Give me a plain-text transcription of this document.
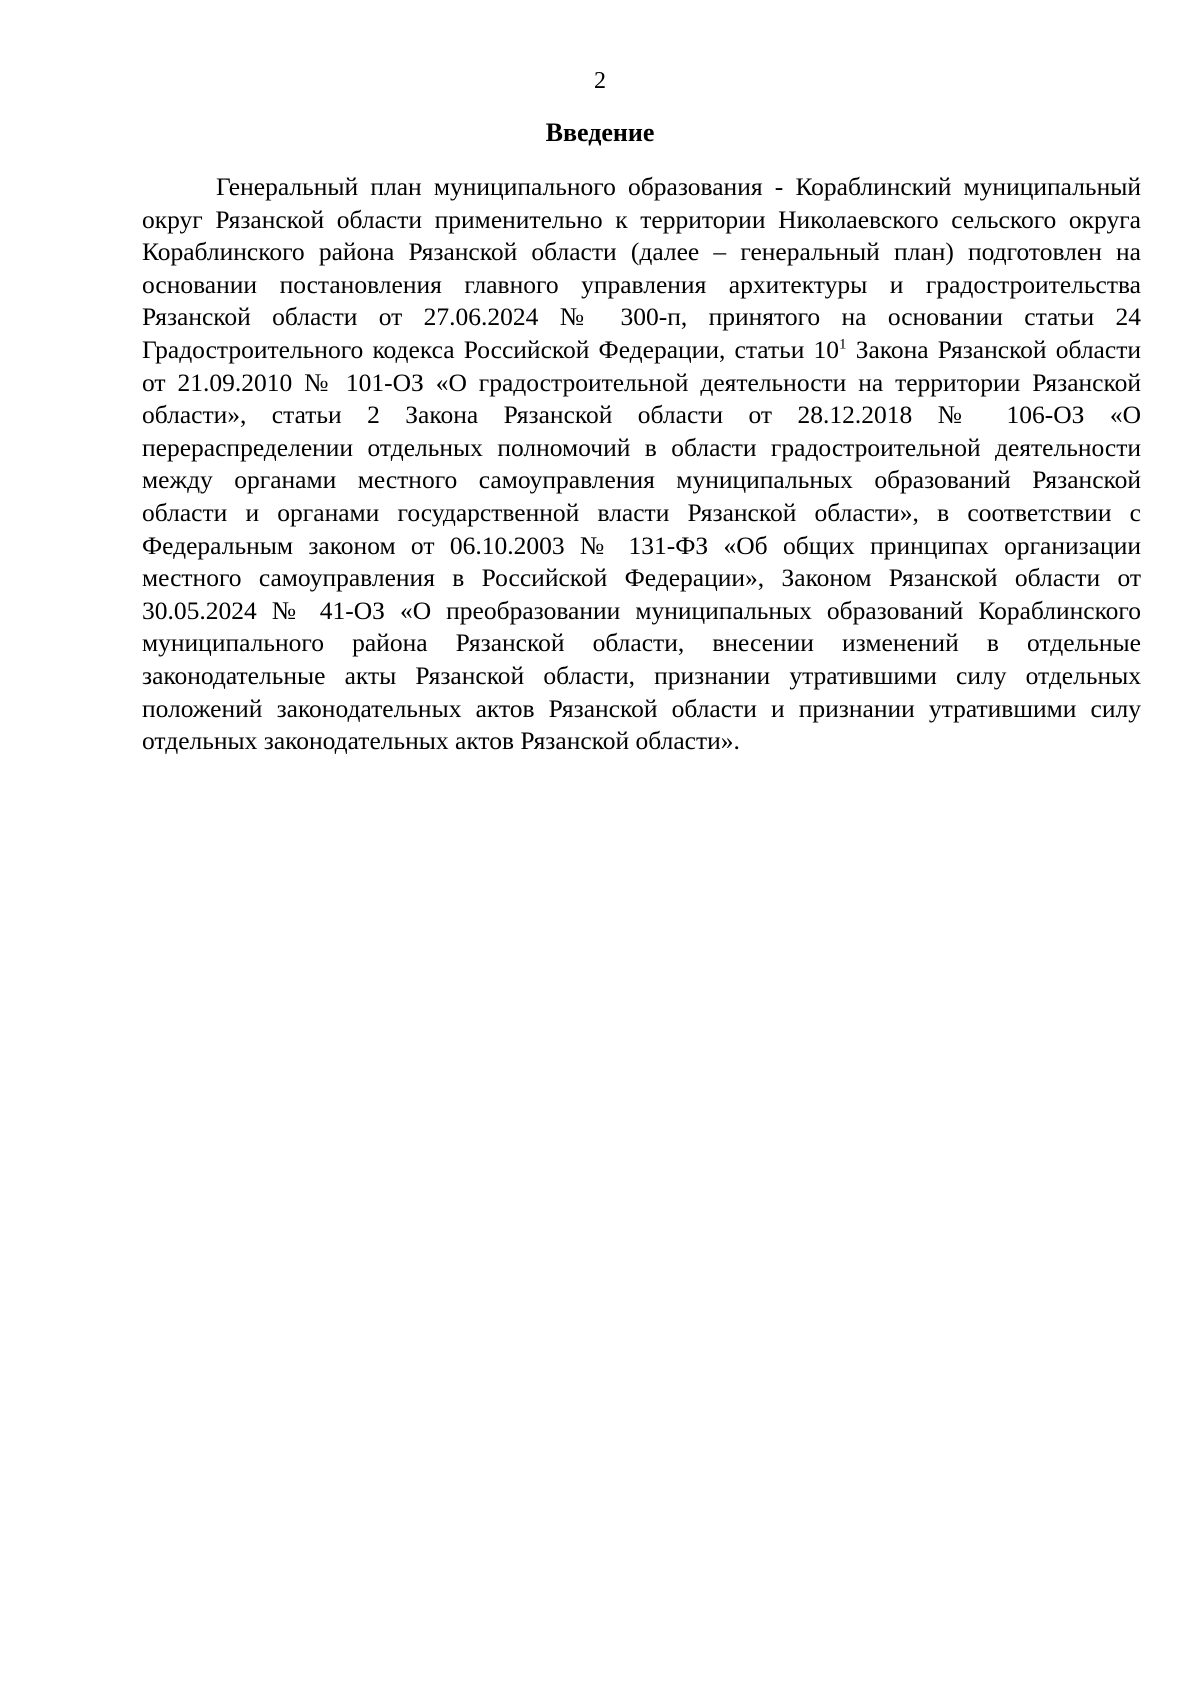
2
Введение

Генеральный план муниципального образования - Кораблинский муниципальный округ Рязанской области применительно к территории Николаевского сельского округа Кораблинского района Рязанской области (далее – генеральный план) подготовлен на основании постановления главного управления архитектуры и градостроительства Рязанской области от 27.06.2024 № 300-п, принятого на основании статьи 24 Градостроительного кодекса Российской Федерации, статьи $10^1$ Закона Рязанской области от 21.09.2010 № 101-ОЗ «О градостроительной деятельности на территории Рязанской области», статьи 2 Закона Рязанской области от 28.12.2018 № 106-ОЗ «О перераспределении отдельных полномочий в области градостроительной деятельности между органами местного самоуправления муниципальных образований Рязанской области и органами государственной власти Рязанской области», в соответствии с Федеральным законом от 06.10.2003 № 131-ФЗ «Об общих принципах организации местного самоуправления в Российской Федерации», Законом Рязанской области от 30.05.2024 № 41-ОЗ «О преобразовании муниципальных образований Кораблинского муниципального района Рязанской области, внесении изменений в отдельные законодательные акты Рязанской области, признании утратившими силу отдельных положений законодательных актов Рязанской области и признании утратившими силу отдельных законодательных актов Рязанской области».
